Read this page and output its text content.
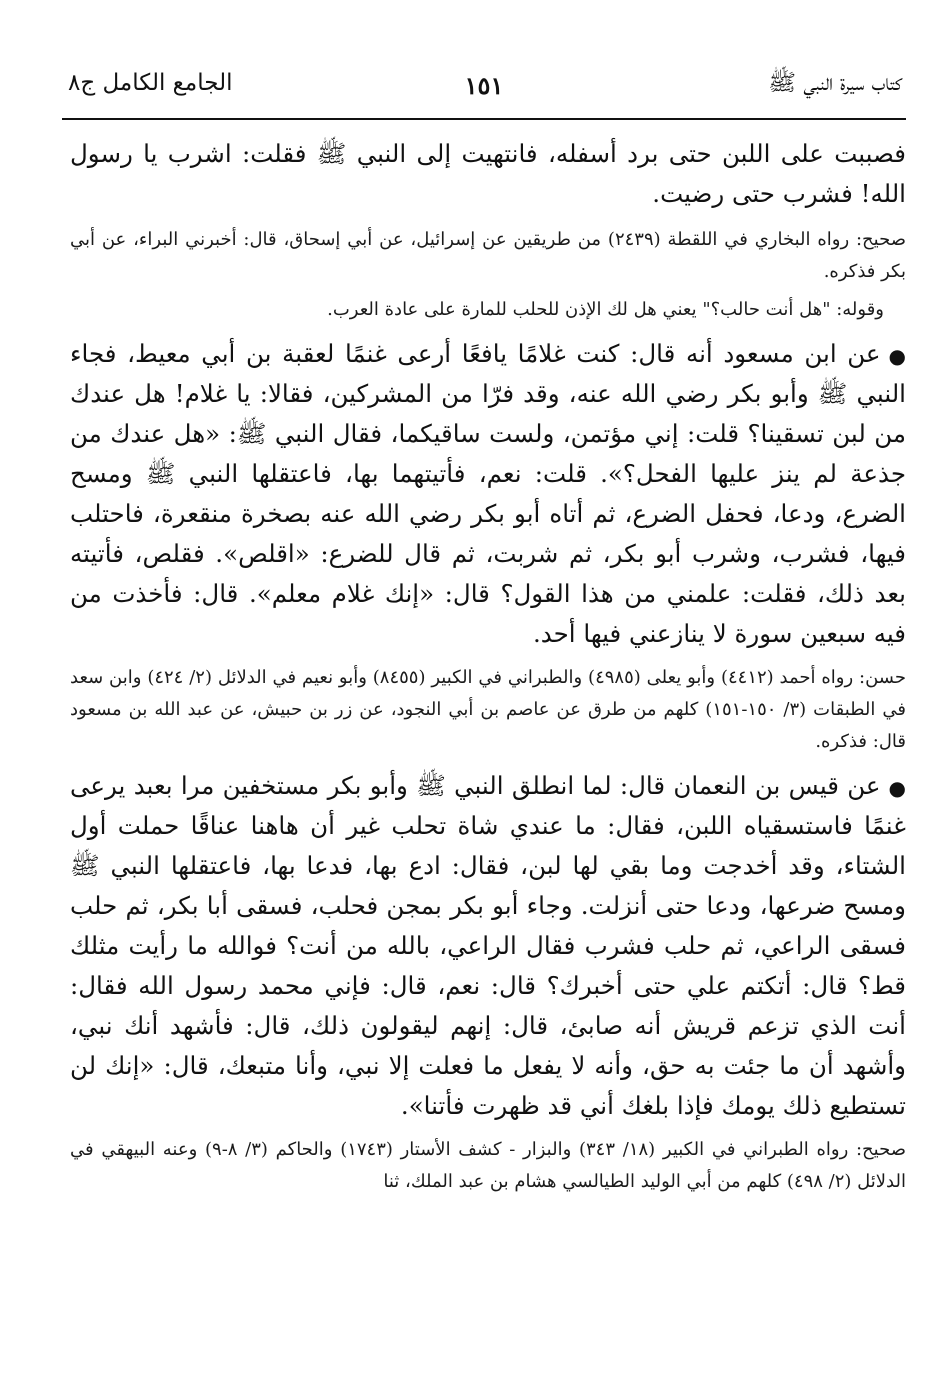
كتاب سيرة النبي ﷺ
١٥١
الجامع الكامل ج٨

فصببت على اللبن حتى برد أسفله، فانتهيت إلى النبي ﷺ فقلت: اشرب يا رسول الله! فشرب حتى رضيت.

صحيح: رواه البخاري في اللقطة (٢٤٣٩) من طريقين عن إسرائيل، عن أبي إسحاق، قال: أخبرني البراء، عن أبي بكر فذكره.

وقوله: "هل أنت حالب؟" يعني هل لك الإذن للحلب للمارة على عادة العرب.

●عن ابن مسعود أنه قال: كنت غلامًا يافعًا أرعى غنمًا لعقبة بن أبي معيط، فجاء النبي ﷺ وأبو بكر رضي الله عنه، وقد فرّا من المشركين، فقالا: يا غلام! هل عندك من لبن تسقينا؟ قلت: إني مؤتمن، ولست ساقيكما، فقال النبي ﷺ: «هل عندك من جذعة لم ينز عليها الفحل؟». قلت: نعم، فأتيتهما بها، فاعتقلها النبي ﷺ ومسح الضرع، ودعا، فحفل الضرع، ثم أتاه أبو بكر رضي الله عنه بصخرة منقعرة، فاحتلب فيها، فشرب، وشرب أبو بكر، ثم شربت، ثم قال للضرع: «اقلص». فقلص، فأتيته بعد ذلك، فقلت: علمني من هذا القول؟ قال: «إنك غلام معلم». قال: فأخذت من فيه سبعين سورة لا ينازعني فيها أحد.

حسن: رواه أحمد (٤٤١٢) وأبو يعلى (٤٩٨٥) والطبراني في الكبير (٨٤٥٥) وأبو نعيم في الدلائل (٢/ ٤٢٤) وابن سعد في الطبقات (٣/ ١٥٠-١٥١) كلهم من طرق عن عاصم بن أبي النجود، عن زر بن حبيش، عن عبد الله بن مسعود قال: فذكره.

●عن قيس بن النعمان قال: لما انطلق النبي ﷺ وأبو بكر مستخفين مرا بعبد يرعى غنمًا فاستسقياه اللبن، فقال: ما عندي شاة تحلب غير أن هاهنا عناقًا حملت أول الشتاء، وقد أخدجت وما بقي لها لبن، فقال: ادع بها، فدعا بها، فاعتقلها النبي ﷺ ومسح ضرعها، ودعا حتى أنزلت. وجاء أبو بكر بمجن فحلب، فسقى أبا بكر، ثم حلب فسقى الراعي، ثم حلب فشرب فقال الراعي، بالله من أنت؟ فوالله ما رأيت مثلك قط؟ قال: أتكتم علي حتى أخبرك؟ قال: نعم، قال: فإني محمد رسول الله فقال: أنت الذي تزعم قريش أنه صابئ، قال: إنهم ليقولون ذلك، قال: فأشهد أنك نبي، وأشهد أن ما جئت به حق، وأنه لا يفعل ما فعلت إلا نبي، وأنا متبعك، قال: «إنك لن تستطيع ذلك يومك فإذا بلغك أني قد ظهرت فأتنا».

صحيح: رواه الطبراني في الكبير (١٨/ ٣٤٣) والبزار - كشف الأستار (١٧٤٣) والحاكم (٣/ ٨-٩) وعنه البيهقي في الدلائل (٢/ ٤٩٨) كلهم من أبي الوليد الطيالسي هشام بن عبد الملك، ثنا
